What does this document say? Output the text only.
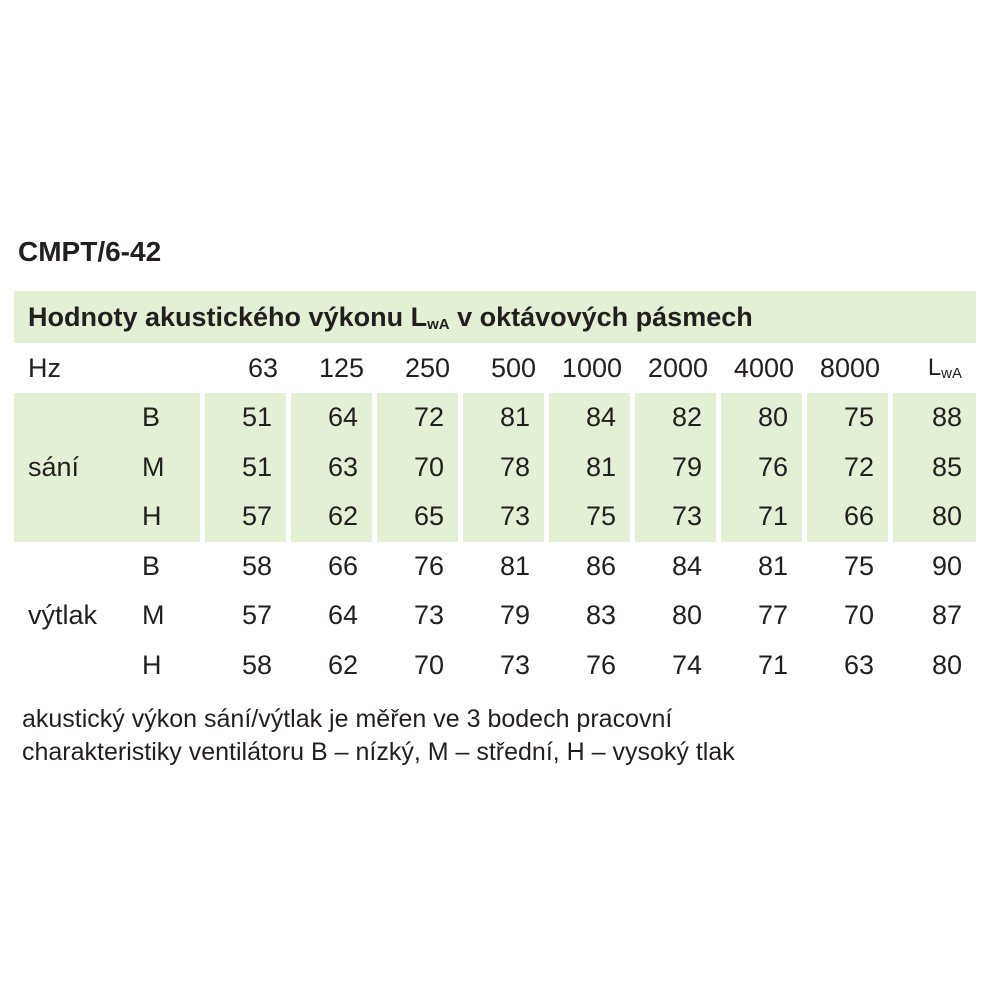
CMPT/6-42
Hodnoty akustického výkonu $L_{wA}$ v oktávových pásmech										
Hz		63	125	250	500	1000	2000	4000	8000	$L_{wA}$
sání	B	51	64	72	81	84	82	80	75	88
	M	51	63	70	78	81	79	76	72	85
	H	57	62	65	73	75	73	71	66	80
výtlak	B	58	66	76	81	86	84	81	75	90
	M	57	64	73	79	83	80	77	70	87
	H	58	62	70	73	76	74	71	63	80
akustický výkon sání/výtlak je měřen ve 3 bodech pracovní
charakteristiky ventilátoru B – nízký, M – střední, H – vysoký tlak
